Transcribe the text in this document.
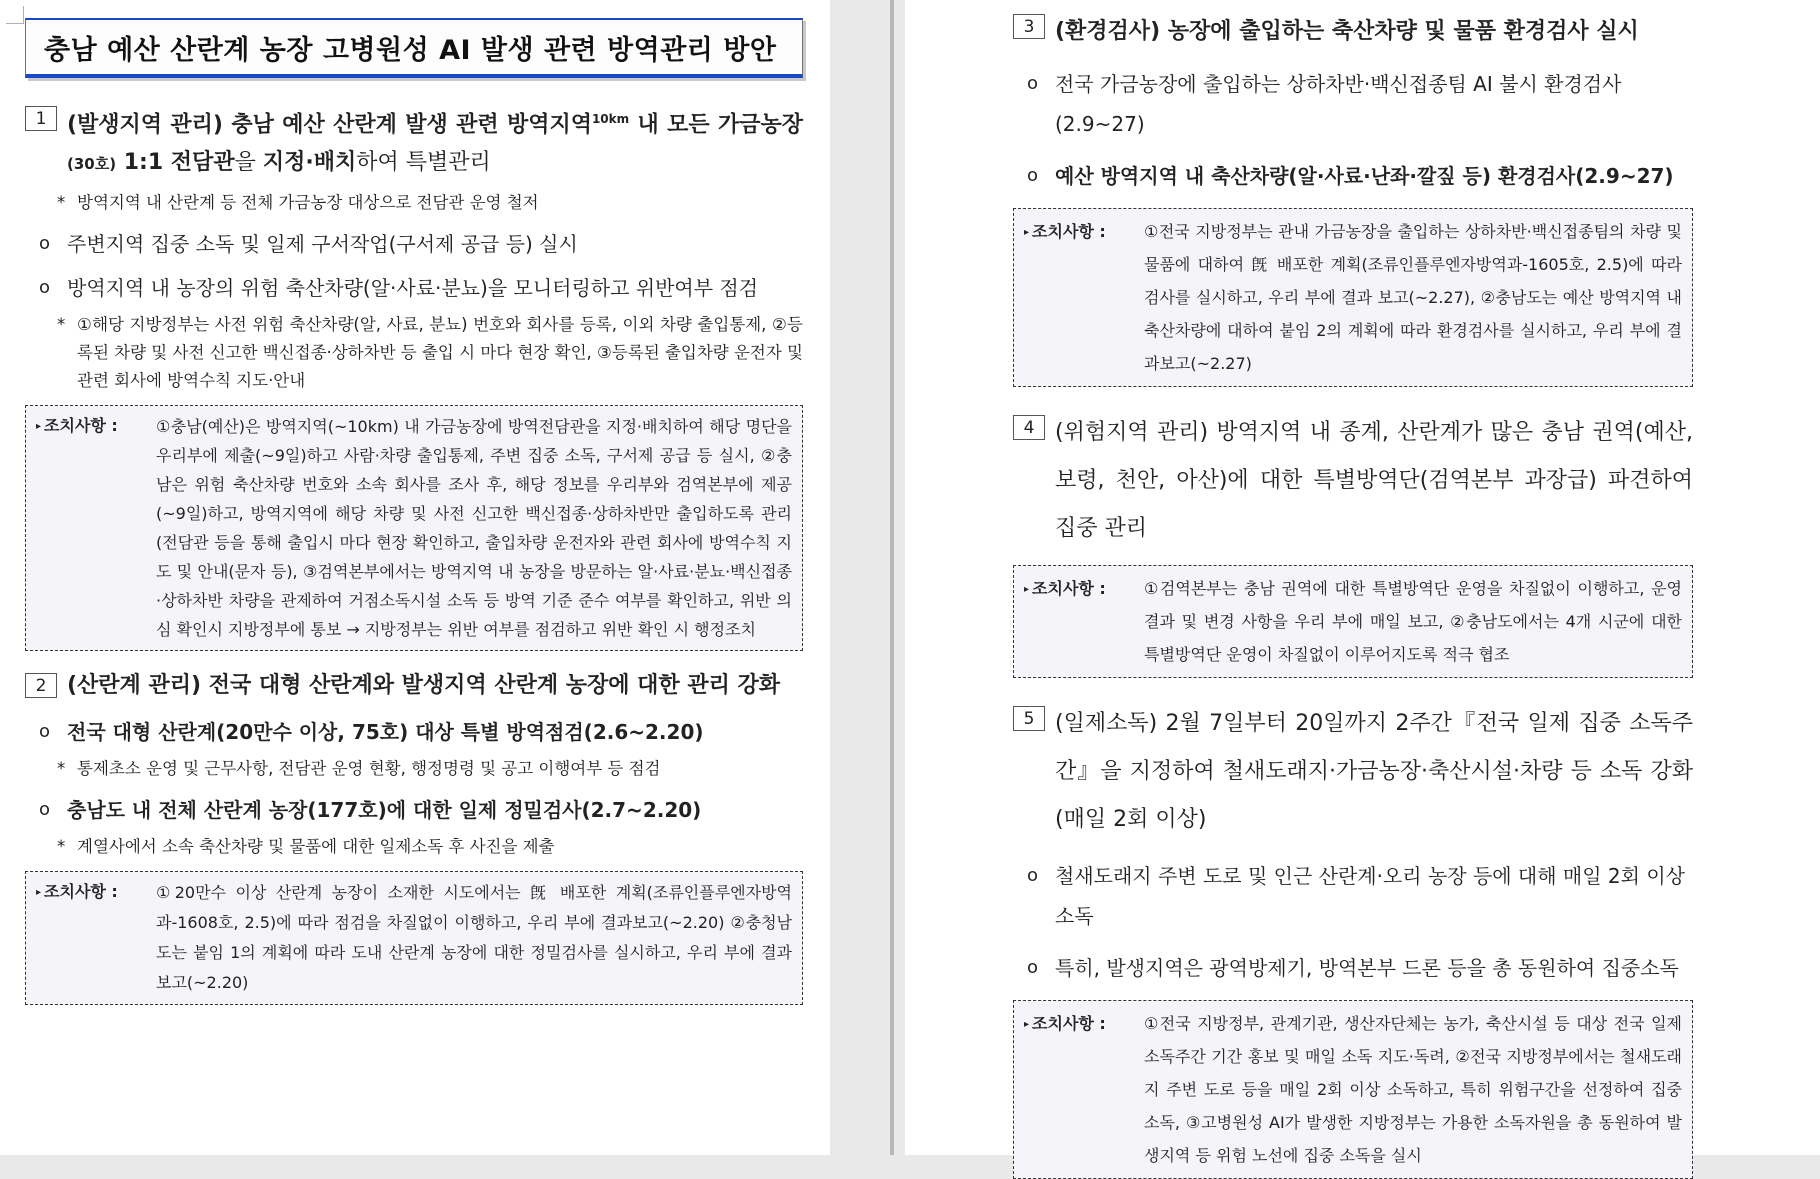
충남 예산 산란계 농장 고병원성 AI 발생 관련 방역관리 방안
1 (발생지역 관리) 충남 예산 산란계 발생 관련 방역지역$^{10km}$ 내 모든 가금농장(30호) 1:1 전담관을 지정·배치하여 특별관리
* 방역지역 내 산란계 등 전체 가금농장 대상으로 전담관 운영 철저
ο 주변지역 집중 소독 및 일제 구서작업(구서제 공급 등) 실시
ο 방역지역 내 농장의 위험 축산차량(알·사료·분뇨)을 모니터링하고 위반여부 점검
* ①해당 지방정부는 사전 위험 축산차량(알, 사료, 분뇨) 번호와 회사를 등록, 이외 차량 출입통제, ②등록된 차량 및 사전 신고한 백신접종·상하차반 등 출입 시 마다 현장 확인, ③등록된 출입차량 운전자 및 관련 회사에 방역수칙 지도·안내
▸ 조치사항 :	①충남(예산)은 방역지역(~10km) 내 가금농장에 방역전담관을 지정·배치하여 해당 명단을 우리부에 제출(~9일)하고 사람·차량 출입통제, 주변 집중 소독, 구서제 공급 등 실시, ②충남은 위험 축산차량 번호와 소속 회사를 조사 후, 해당 정보를 우리부와 검역본부에 제공(~9일)하고, 방역지역에 해당 차량 및 사전 신고한 백신접종·상하차반만 출입하도록 관리(전담관 등을 통해 출입시 마다 현장 확인하고, 출입차량 운전자와 관련 회사에 방역수칙 지도 및 안내(문자 등), ③검역본부에서는 방역지역 내 농장을 방문하는 알·사료·분뇨·백신접종·상하차반 차량을 관제하여 거점소독시설 소독 등 방역 기준 준수 여부를 확인하고, 위반 의심 확인시 지방정부에 통보 → 지방정부는 위반 여부를 점검하고 위반 확인 시 행정조치
2 (산란계 관리) 전국 대형 산란계와 발생지역 산란계 농장에 대한 관리 강화
ο 전국 대형 산란계(20만수 이상, 75호) 대상 특별 방역점검(2.6~2.20)
* 통제초소 운영 및 근무사항, 전담관 운영 현황, 행정명령 및 공고 이행여부 등 점검
ο 충남도 내 전체 산란계 농장(177호)에 대한 일제 정밀검사(2.7~2.20)
* 계열사에서 소속 축산차량 및 물품에 대한 일제소독 후 사진을 제출
▸ 조치사항 :	①20만수 이상 산란계 농장이 소재한 시도에서는 旣 배포한 계획(조류인플루엔자방역과-1608호, 2.5)에 따라 점검을 차질없이 이행하고, 우리 부에 결과보고(~2.20) ②충청남도는 붙임 1의 계획에 따라 도내 산란계 농장에 대한 정밀검사를 실시하고, 우리 부에 결과 보고(~2.20)
3 (환경검사) 농장에 출입하는 축산차량 및 물품 환경검사 실시
ο 전국 가금농장에 출입하는 상하차반·백신접종팀 AI 불시 환경검사(2.9~27)
ο 예산 방역지역 내 축산차량(알·사료·난좌·깔짚 등) 환경검사(2.9~27)
▸ 조치사항 :	①전국 지방정부는 관내 가금농장을 출입하는 상하차반·백신접종팀의 차량 및 물품에 대하여 旣 배포한 계획(조류인플루엔자방역과-1605호, 2.5)에 따라 검사를 실시하고, 우리 부에 결과 보고(~2.27), ②충남도는 예산 방역지역 내 축산차량에 대하여 붙임 2의 계획에 따라 환경검사를 실시하고, 우리 부에 결과보고(~2.27)
4 (위험지역 관리) 방역지역 내 종계, 산란계가 많은 충남 권역(예산, 보령, 천안, 아산)에 대한 특별방역단(검역본부 과장급) 파견하여 집중 관리
▸ 조치사항 :	①검역본부는 충남 권역에 대한 특별방역단 운영을 차질없이 이행하고, 운영 결과 및 변경 사항을 우리 부에 매일 보고, ②충남도에서는 4개 시군에 대한 특별방역단 운영이 차질없이 이루어지도록 적극 협조
5 (일제소독) 2월 7일부터 20일까지 2주간『전국 일제 집중 소독주간』을 지정하여 철새도래지·가금농장·축산시설·차량 등 소독 강화(매일 2회 이상)
ο 철새도래지 주변 도로 및 인근 산란계·오리 농장 등에 대해 매일 2회 이상 소독
ο 특히, 발생지역은 광역방제기, 방역본부 드론 등을 총 동원하여 집중소독
▸ 조치사항 :	①전국 지방정부, 관계기관, 생산자단체는 농가, 축산시설 등 대상 전국 일제 소독주간 기간 홍보 및 매일 소독 지도·독려, ②전국 지방정부에서는 철새도래지 주변 도로 등을 매일 2회 이상 소독하고, 특히 위험구간을 선정하여 집중 소독, ③고병원성 AI가 발생한 지방정부는 가용한 소독자원을 총 동원하여 발생지역 등 위험 노선에 집중 소독을 실시
